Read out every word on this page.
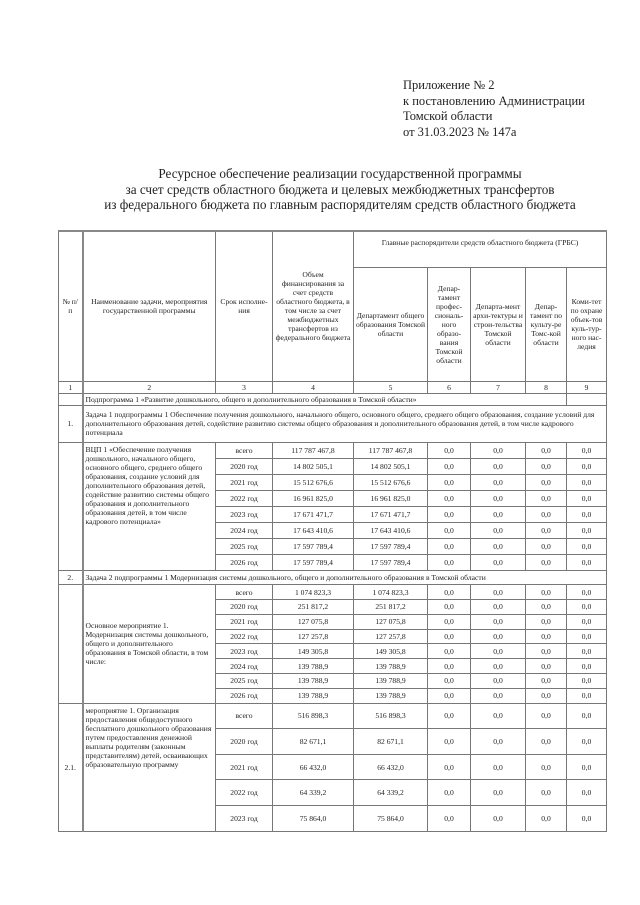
Приложение № 2
к постановлению Администрации
Томской области
от 31.03.2023 № 147а
Ресурсное обеспечение реализации государственной программы
за счет средств областного бюджета и целевых межбюджетных трансфертов
из федерального бюджета по главным распорядителям средств областного бюджета
№ п/п	Наименование задачи, мероприятия государственной программы	Срок исполне-ния	Объем финансирования за счет средств областного бюджета, в том числе за счет межбюджетных трансфертов из федерального бюджета	Главные распорядители средств областного бюджета (ГРБС)				
				Департамент общего образования Томской области	Депар-тамент профес-сиональ-ного образо-вания Томской области	Департа-мент архи-тектуры и строи-тельства Томской области	Депар-тамент по культу-ре Томс-кой области	Коми-тет по охране объек-тов куль-тур-ного нас-ледия
1	2	3	4	5	6	7	8	9
	Подпрограмма 1 «Развитие дошкольного, общего и дополнительного образования в Томской области»							
1.	Задача 1 подпрограммы 1 Обеспечение получения дошкольного, начального общего, основного общего, среднего общего образования, создание условий для дополнительного образования детей, содействие развитию системы общего образования и дополнительного образования детей, в том числе кадрового потенциала							
	ВЦП 1 «Обеспечение получения дошкольного, начального общего, основного общего, среднего общего образования, создание условий для дополнительного образования детей, содействие развитию системы общего образования и дополнительного образования детей, в том числе кадрового потенциала»	всего	117 787 467,8	117 787 467,8	0,0	0,0	0,0	0,0
		2020 год	14 802 505,1	14 802 505,1	0,0	0,0	0,0	0,0
		2021 год	15 512 676,6	15 512 676,6	0,0	0,0	0,0	0,0
		2022 год	16 961 825,0	16 961 825,0	0,0	0,0	0,0	0,0
		2023 год	17 671 471,7	17 671 471,7	0,0	0,0	0,0	0,0
		2024 год	17 643 410,6	17 643 410,6	0,0	0,0	0,0	0,0
		2025 год	17 597 789,4	17 597 789,4	0,0	0,0	0,0	0,0
		2026 год	17 597 789,4	17 597 789,4	0,0	0,0	0,0	0,0
2.	Задача 2 подпрограммы 1 Модернизация системы дошкольного, общего и дополнительного образования в Томской области							
	Основное мероприятие 1. Модернизация системы дошкольного, общего и дополнительного образования в Томской области, в том числе:	всего	1 074 823,3	1 074 823,3	0,0	0,0	0,0	0,0
		2020 год	251 817,2	251 817,2	0,0	0,0	0,0	0,0
		2021 год	127 075,8	127 075,8	0,0	0,0	0,0	0,0
		2022 год	127 257,8	127 257,8	0,0	0,0	0,0	0,0
		2023 год	149 305,8	149 305,8	0,0	0,0	0,0	0,0
		2024 год	139 788,9	139 788,9	0,0	0,0	0,0	0,0
		2025 год	139 788,9	139 788,9	0,0	0,0	0,0	0,0
		2026 год	139 788,9	139 788,9	0,0	0,0	0,0	0,0
2.1.	мероприятие 1. Организация предоставления общедоступного бесплатного дошкольного образования путем предоставления денежной выплаты родителям (законным представителям) детей, осваивающих образовательную программу	всего	516 898,3	516 898,3	0,0	0,0	0,0	0,0
		2020 год	82 671,1	82 671,1	0,0	0,0	0,0	0,0
		2021 год	66 432,0	66 432,0	0,0	0,0	0,0	0,0
		2022 год	64 339,2	64 339,2	0,0	0,0	0,0	0,0
		2023 год	75 864,0	75 864,0	0,0	0,0	0,0	0,0
